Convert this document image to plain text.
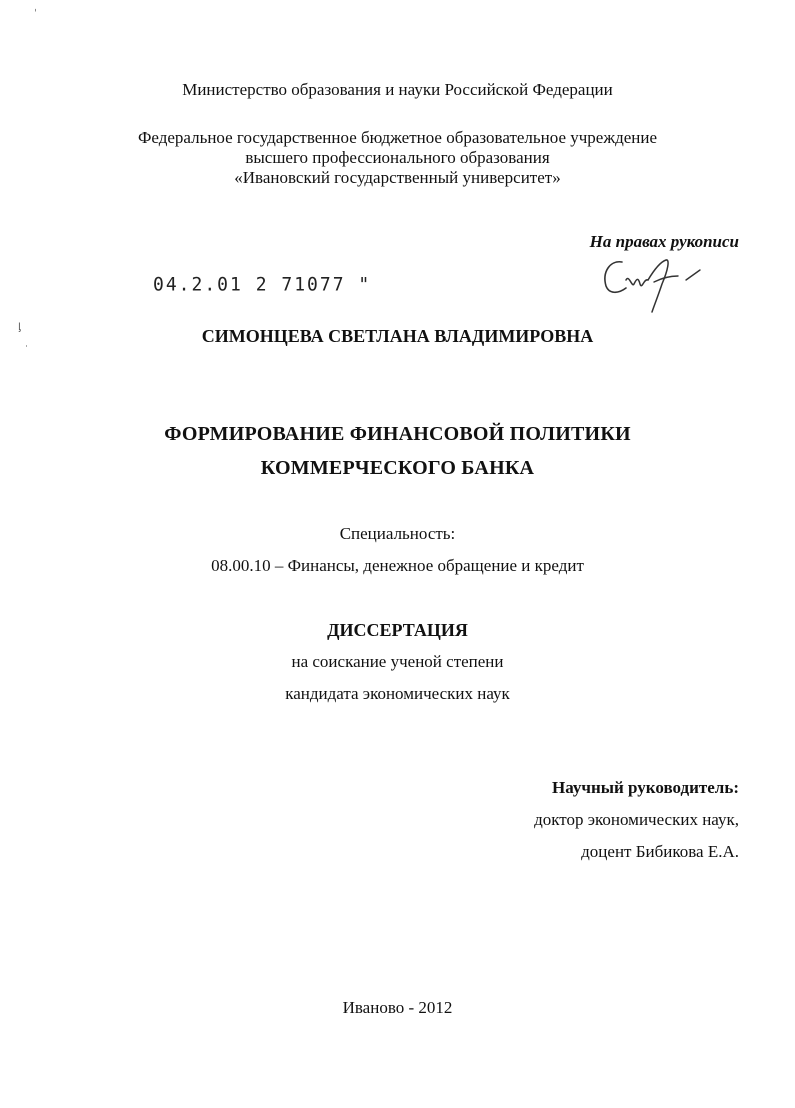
ˌ
ᶅ
˙
Министерство образования и науки Российской Федерации
Федеральное государственное бюджетное образовательное учреждение
высшего профессионального образования
«Ивановский государственный университет»
На правах рукописи
04.2.01 2 71077 "
СИМОНЦЕВА СВЕТЛАНА ВЛАДИМИРОВНА
ФОРМИРОВАНИЕ ФИНАНСОВОЙ ПОЛИТИКИ
КОММЕРЧЕСКОГО БАНКА
Специальность:
08.00.10 – Финансы, денежное обращение и кредит
ДИССЕРТАЦИЯ
на соискание ученой степени
кандидата экономических наук
Научный руководитель:
доктор экономических наук,
доцент Бибикова Е.А.
Иваново - 2012
